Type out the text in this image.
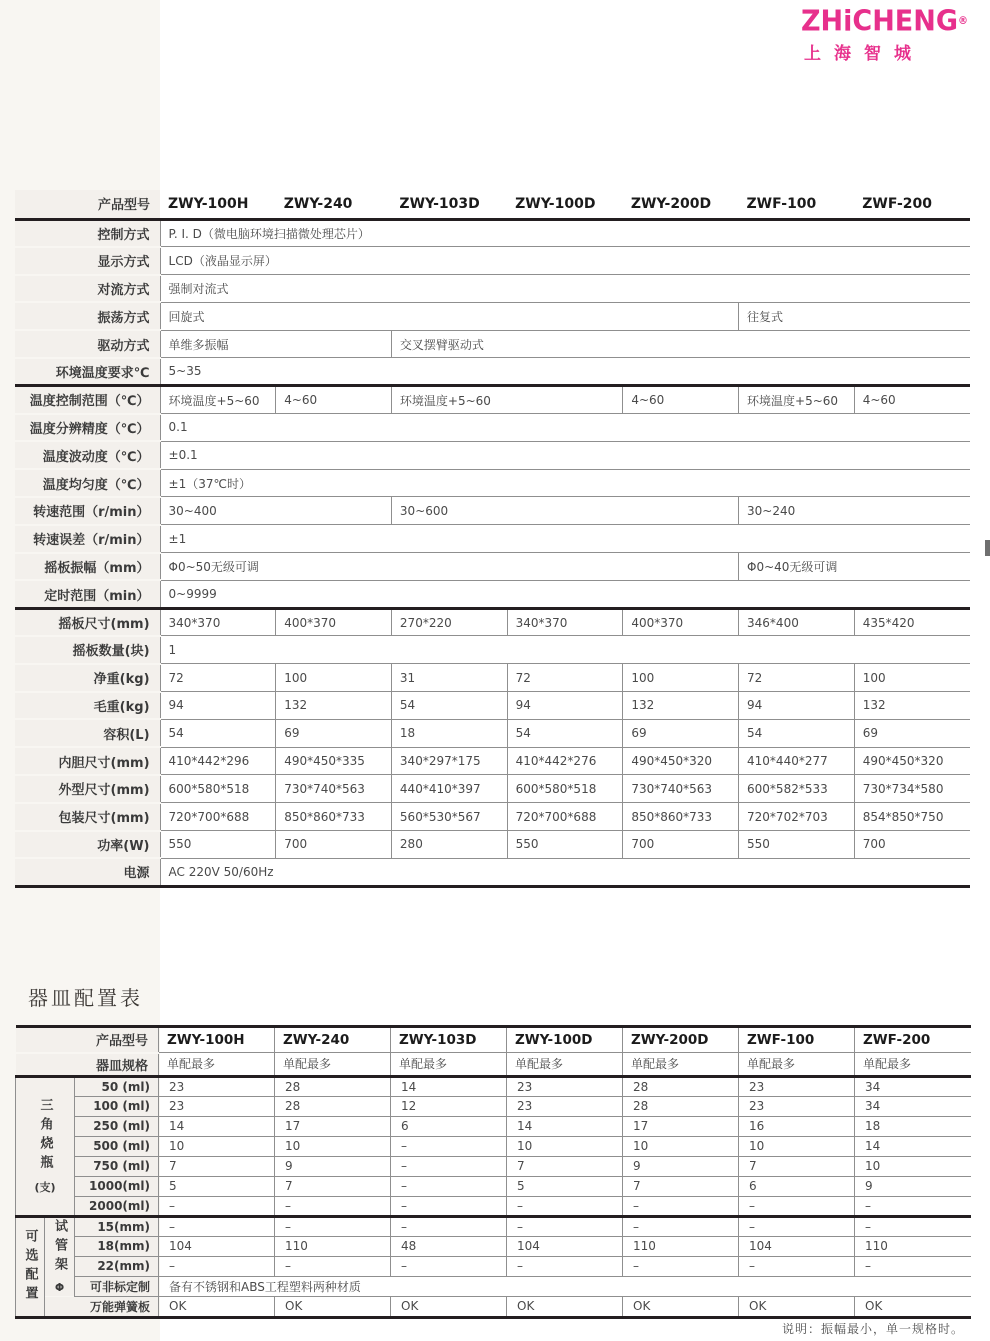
ZHiCHENG®
上海智城
产品型号	ZWY-100H	ZWY-240	ZWY-103D	ZWY-100D	ZWY-200D	ZWF-100	ZWF-200
控制方式	P. I. D（微电脑环境扫描微处理芯片）						
显示方式	LCD（液晶显示屏）						
对流方式	强制对流式						
振荡方式	回旋式					往复式	
驱动方式	单维多振幅		交叉摆臂驱动式				
环境温度要求℃	5~35						
温度控制范围（℃）	环境温度+5~60	4~60	环境温度+5~60		4~60	环境温度+5~60	4~60
温度分辨精度（℃）	0.1						
温度波动度（℃）	±0.1						
温度均匀度（℃）	±1（37℃时）						
转速范围（r/min）	30~400		30~600			30~240	
转速误差（r/min）	±1						
摇板振幅（mm）	Φ0~50无级可调					Φ0~40无级可调	
定时范围（min）	0~9999						
摇板尺寸(mm)	340*370	400*370	270*220	340*370	400*370	346*400	435*420
摇板数量(块)	1						
净重(kg)	72	100	31	72	100	72	100
毛重(kg)	94	132	54	94	132	94	132
容积(L)	54	69	18	54	69	54	69
内胆尺寸(mm)	410*442*296	490*450*335	340*297*175	410*442*276	490*450*320	410*440*277	490*450*320
外型尺寸(mm)	600*580*518	730*740*563	440*410*397	600*580*518	730*740*563	600*582*533	730*734*580
包装尺寸(mm)	720*700*688	850*860*733	560*530*567	720*700*688	850*860*733	720*702*703	854*850*750
功率(W)	550	700	280	550	700	550	700
电源	AC 220V 50/60Hz						
器皿配置表
产品型号			ZWY-100H	ZWY-240	ZWY-103D	ZWY-100D	ZWY-200D	ZWF-100	ZWF-200
器皿规格			单配最多	单配最多	单配最多	单配最多	单配最多	单配最多	单配最多

三角烧瓶
(支)		50 (ml)	23	28	14	23	28	23	34
		100 (ml)	23	28	12	23	28	23	34
		250 (ml)	14	17	6	14	17	16	18
		500 (ml)	10	10	–	10	10	10	14
		750 (ml)	7	9	–	7	9	7	10
		1000(ml)	5	7	–	5	7	6	9
		2000(ml)	–	–	–	–	–	–	–

可选配置	试管架
Φ	15(mm)	–	–	–	–	–	–	–
		18(mm)	104	110	48	104	110	104	110
		22(mm)	–	–	–	–	–	–	–
		可非标定制	备有不锈钢和ABS工程塑料两种材质						
	万能弹簧板		OK	OK	OK	OK	OK	OK	OK
说明：振幅最小，单一规格时。
